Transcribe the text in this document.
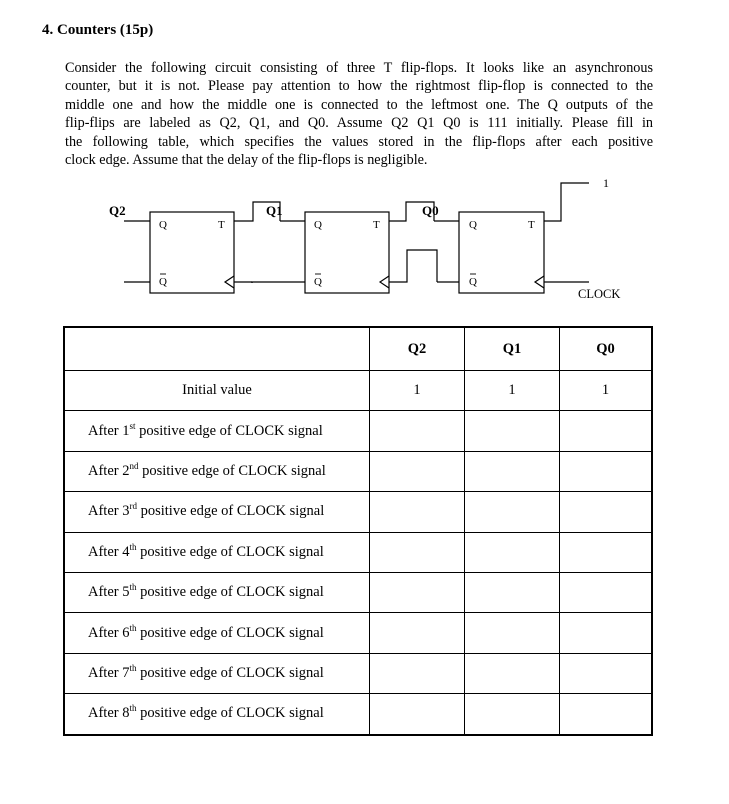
4. Counters (15p)
Consider the following circuit consisting of three T flip-flops. It looks like an asynchronous
counter, but it is not. Please pay attention to how the rightmost flip-flop is connected to the
middle one and how the middle one is connected to the leftmost one. The Q outputs of the
flip-flips are labeled as Q2, Q1, and Q0. Assume Q2 Q1 Q0 is 111 initially. Please fill in
the following table, which specifies the values stored in the flip-flops after each positive
clock edge. Assume that the delay of the flip-flops is negligible.
Q2	Q1	Q0
Q	Q	Q
Q	Q	Q
T	T	T
1
CLOCK
	Q2	Q1	Q0
Initial value	1	1	1
After 1st positive edge of CLOCK signal			
After 2nd positive edge of CLOCK signal			
After 3rd positive edge of CLOCK signal			
After 4th positive edge of CLOCK signal			
After 5th positive edge of CLOCK signal			
After 6th positive edge of CLOCK signal			
After 7th positive edge of CLOCK signal			
After 8th positive edge of CLOCK signal			
